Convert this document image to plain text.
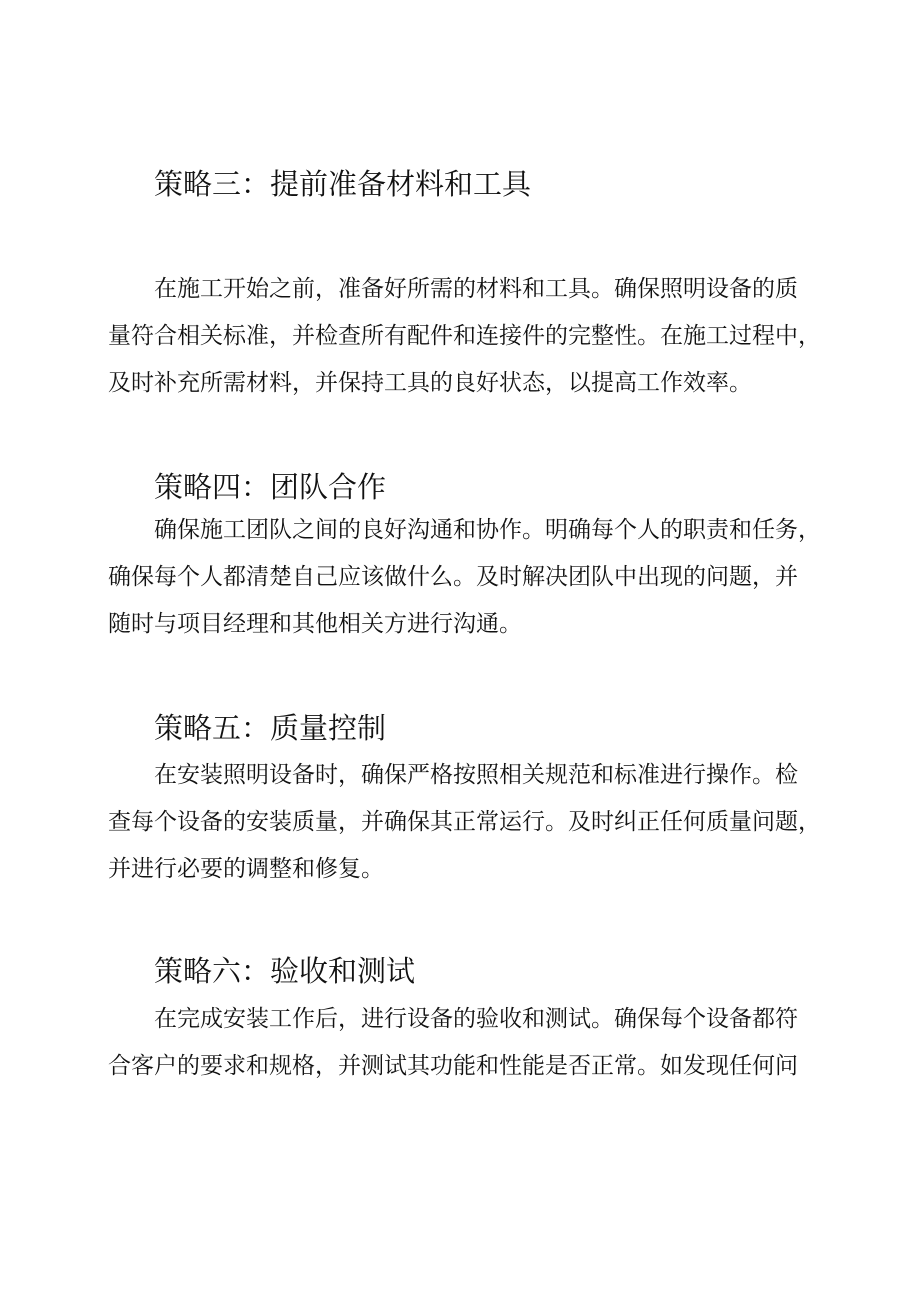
策略三：提前准备材料和工具
在施工开始之前，准备好所需的材料和工具。确保照明设备的质
量符合相关标准，并检查所有配件和连接件的完整性。在施工过程中，
及时补充所需材料，并保持工具的良好状态，以提高工作效率。
策略四：团队合作
确保施工团队之间的良好沟通和协作。明确每个人的职责和任务，
确保每个人都清楚自己应该做什么。及时解决团队中出现的问题，并
随时与项目经理和其他相关方进行沟通。
策略五：质量控制
在安装照明设备时，确保严格按照相关规范和标准进行操作。检
查每个设备的安装质量，并确保其正常运行。及时纠正任何质量问题，
并进行必要的调整和修复。
策略六：验收和测试
在完成安装工作后，进行设备的验收和测试。确保每个设备都符
合客户的要求和规格，并测试其功能和性能是否正常。如发现任何问
